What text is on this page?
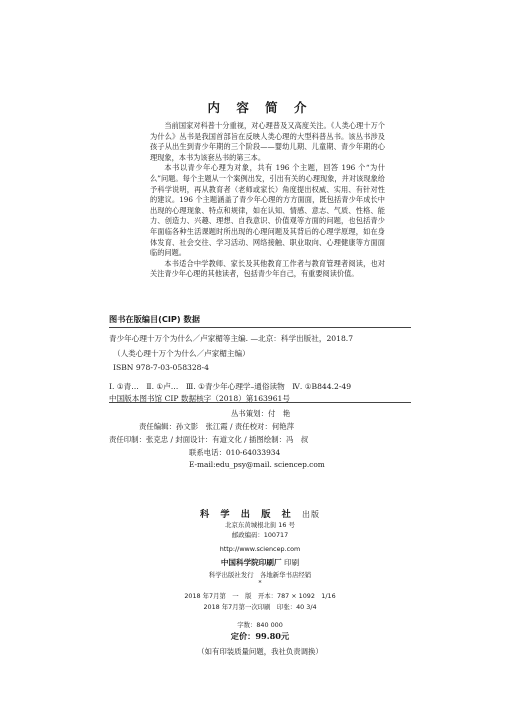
内 容 简 介

当前国家对科普十分重视，对心理普及又高度关注。《人类心理十万个为什么》丛书是我国首部旨在反映人类心理的大型科普丛书。该丛书涉及孩子从出生到青少年期的三个阶段——婴幼儿期、儿童期、青少年期的心理现象，本书为该套丛书的第三本。

本书以青少年心理为对象，共有 196 个主题，回答 196 个“为什么”问题。每个主题从一个案例出发，引出有关的心理现象，并对该现象给予科学说明，再从教育者（老师或家长）角度提出权威、实用、有针对性的建议。196 个主题涵盖了青少年心理的方方面面，既包括青少年成长中出现的心理现象、特点和规律，如在认知、情感、意志、气质、性格、能力、创造力、兴趣、理想、自我意识、价值观等方面的问题，也包括青少年面临各种生活课题时所出现的心理问题及其背后的心理学原理，如在身体发育、社会交往、学习活动、网络接触、职业取向、心理健康等方面面临的问题。

本书适合中学教师、家长及其他教育工作者与教育管理者阅读，也对关注青少年心理的其他读者，包括青少年自己，有重要阅读价值。

图书在版编目(CIP) 数据
青少年心理十万个为什么／卢家楣等主编. —北京：科学出版社，2018.7
（人类心理十万个为什么／卢家楣主编）
ISBN 978-7-03-058328-4
Ⅰ. ①青…　Ⅱ. ①卢…　Ⅲ. ①青少年心理学–通俗读物　Ⅳ. ①B844.2-49
中国版本图书馆 CIP 数据核字（2018）第163961号
丛书策划：付　艳
责任编辑：孙文影　张江霞 / 责任校对：何艳萍
责任印制：张克忠 / 封面设计：有道文化 / 插图绘制：冯　叔
联系电话：010-64033934
E-mail:edu_psy@mail. sciencep.com
科 学 出 版 社 出版
北京东黄城根北街 16 号
邮政编码：100717
http://www.sciencep.com
中国科学院印刷厂 印刷
科学出版社发行　各地新华书店经销
*
2018 年7月第　一　版　开本：787 × 1092　1/16
2018 年7月第一次印刷　印张：40 3/4
字数：840 000
定价：99.80元
（如有印装质量问题，我社负责调换）
